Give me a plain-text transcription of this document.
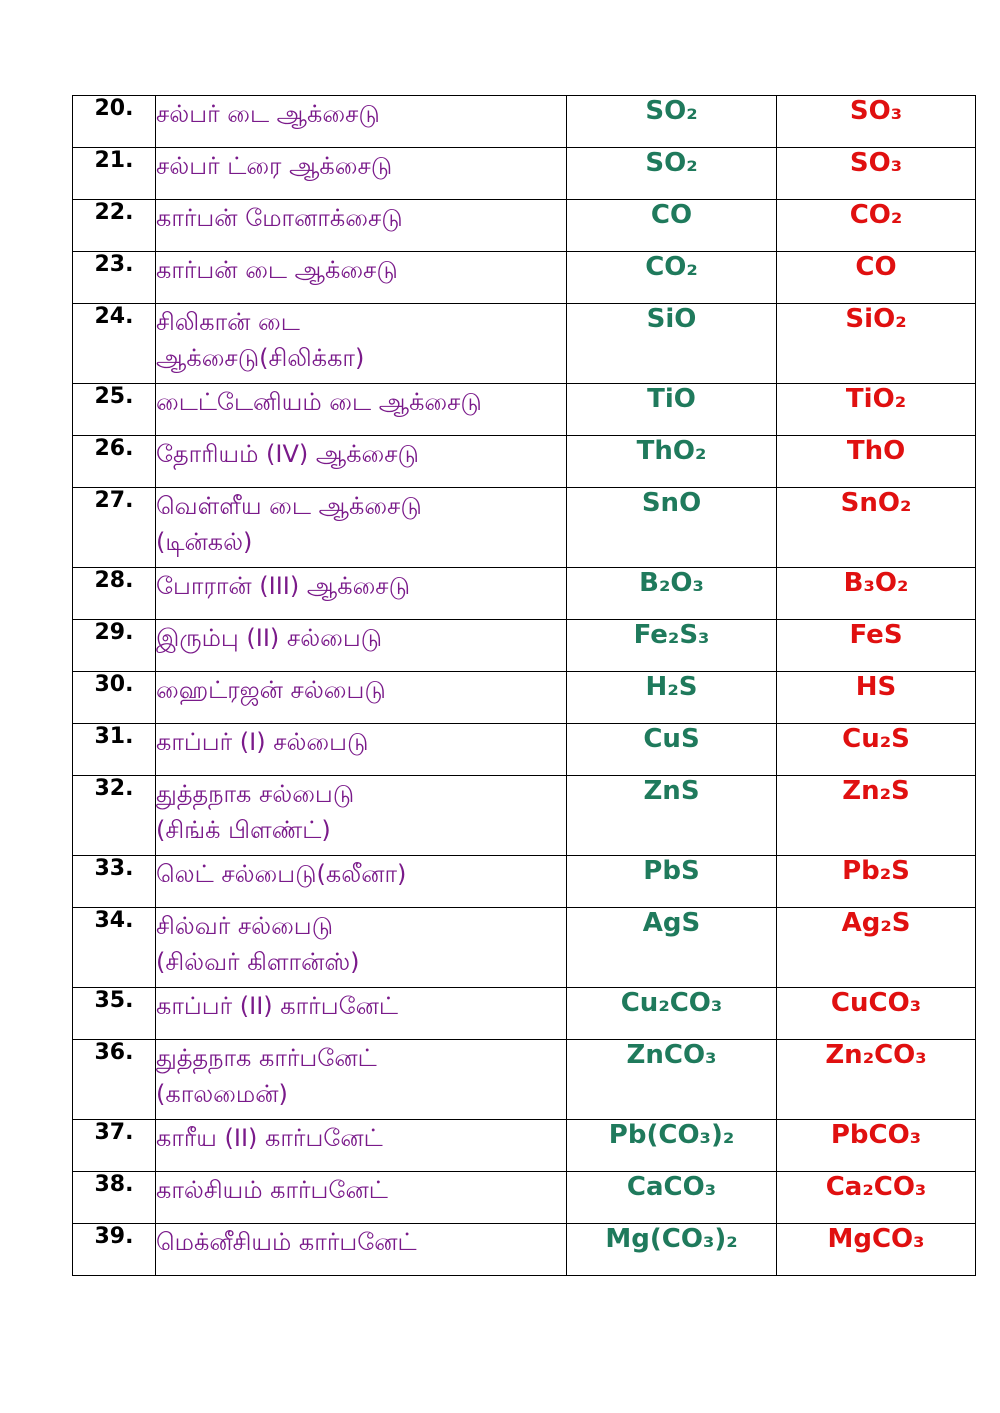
20.	சல்பர் டை ஆக்சைடு	SO₂	SO₃
21.	சல்பர் ட்ரை ஆக்சைடு	SO₂	SO₃
22.	கார்பன் மோனாக்சைடு	CO	CO₂
23.	கார்பன் டை ஆக்சைடு	CO₂	CO
24.	சிலிகான் டை
ஆக்சைடு(சிலிக்கா)	SiO	SiO₂
25.	டைட்டேனியம் டை ஆக்சைடு	TiO	TiO₂
26.	தோரியம் (IV) ஆக்சைடு	ThO₂	ThO
27.	வெள்ளீய டை ஆக்சைடு
(டின்கல்)	SnO	SnO₂
28.	போரான் (III) ஆக்சைடு	B₂O₃	B₃O₂
29.	இரும்பு (II) சல்பைடு	Fe₂S₃	FeS
30.	ஹைட்ரஜன் சல்பைடு	H₂S	HS
31.	காப்பர் (I) சல்பைடு	CuS	Cu₂S
32.	துத்தநாக சல்பைடு
(சிங்க் பிளண்ட்)	ZnS	Zn₂S
33.	லெட் சல்பைடு(கலீனா)	PbS	Pb₂S
34.	சில்வர் சல்பைடு
(சில்வர் கிளான்ஸ்)	AgS	Ag₂S
35.	காப்பர் (II) கார்பனேட்	Cu₂CO₃	CuCO₃
36.	துத்தநாக கார்பனேட்
(காலமைன்)	ZnCO₃	Zn₂CO₃
37.	காரீய (II) கார்பனேட்	Pb(CO₃)₂	PbCO₃
38.	கால்சியம் கார்பனேட்	CaCO₃	Ca₂CO₃
39.	மெக்னீசியம் கார்பனேட்	Mg(CO₃)₂	MgCO₃
